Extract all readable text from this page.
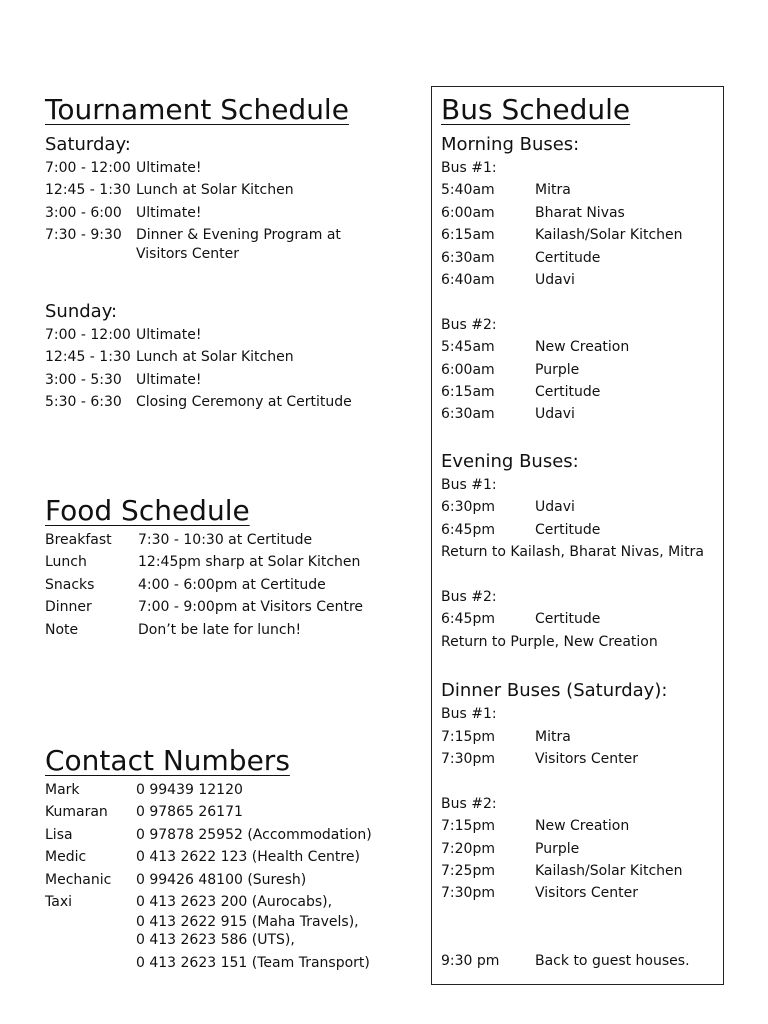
Tournament Schedule
Saturday:
7:00 - 12:00 Ultimate!
12:45 - 1:30 Lunch at Solar Kitchen
3:00 - 6:00	Ultimate!
7:30 - 9:30	Dinner & Evening Program at
Visitors Center
Sunday:
7:00 - 12:00 Ultimate!
12:45 - 1:30 Lunch at Solar Kitchen
3:00 - 5:30	Ultimate!
5:30 - 6:30	Closing Ceremony at Certitude
Food Schedule
Breakfast	7:30 - 10:30 at Certitude
Lunch	12:45pm sharp at Solar Kitchen
Snacks	4:00 - 6:00pm at Certitude
Dinner	7:00 - 9:00pm at Visitors Centre
Note	Don’t be late for lunch!
Contact Numbers
Mark	0 99439 12120
Kumaran	0 97865 26171
Lisa	0 97878 25952 (Accommodation)
Medic	0 413 2622 123 (Health Centre)
Mechanic	0 99426 48100 (Suresh)
Taxi	0 413 2623 200 (Aurocabs),
0 413 2622 915 (Maha Travels),
0 413 2623 586 (UTS),
0 413 2623 151 (Team Transport)
Bus Schedule
Morning Buses:
Bus #1:
5:40am	Mitra
6:00am	Bharat Nivas
6:15am	Kailash/Solar Kitchen
6:30am	Certitude
6:40am	Udavi
Bus #2:
5:45am	New Creation
6:00am	Purple
6:15am	Certitude
6:30am	Udavi
Evening Buses:
Bus #1:
6:30pm	Udavi
6:45pm	Certitude
Return to Kailash, Bharat Nivas, Mitra
Bus #2:
6:45pm	Certitude
Return to Purple, New Creation
Dinner Buses (Saturday):
Bus #1:
7:15pm	Mitra
7:30pm	Visitors Center
Bus #2:
7:15pm	New Creation
7:20pm	Purple
7:25pm	Kailash/Solar Kitchen
7:30pm	Visitors Center
9:30 pm	Back to guest houses.
